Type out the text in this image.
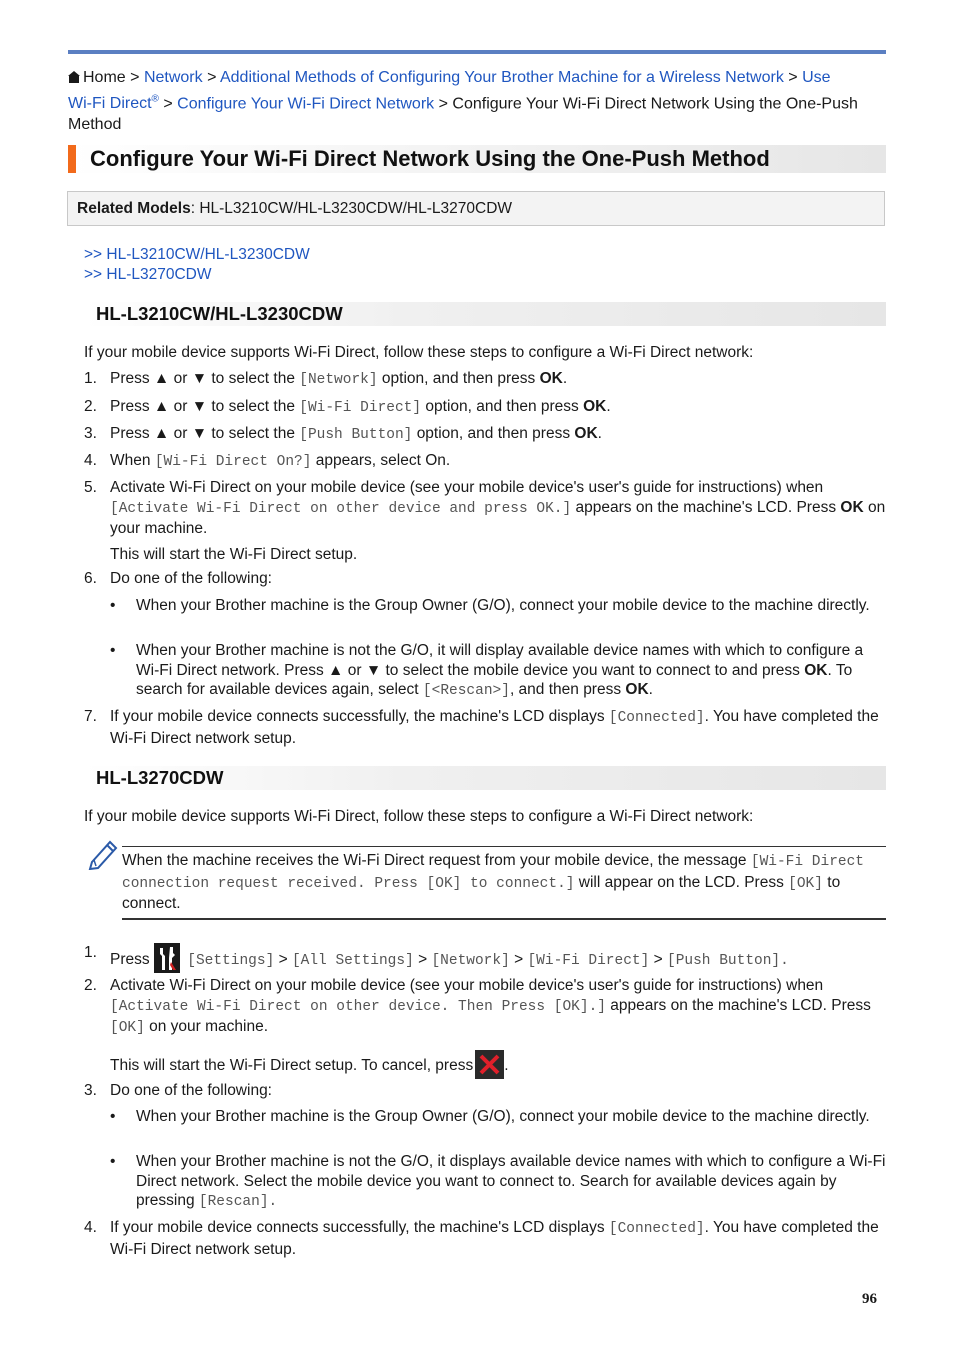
Home > Network > Additional Methods of Configuring Your Brother Machine for a Wireless Network > Use
Wi-Fi Direct® > Configure Your Wi-Fi Direct Network > Configure Your Wi-Fi Direct Network Using the One-Push Method
Configure Your Wi-Fi Direct Network Using the One-Push Method
Related Models: HL-L3210CW/HL-L3230CDW/HL-L3270CDW
>> HL-L3210CW/HL-L3230CDW
>> HL-L3270CDW
HL-L3210CW/HL-L3230CDW
If your mobile device supports Wi-Fi Direct, follow these steps to configure a Wi-Fi Direct network:
1. Press ▲ or ▼ to select the [Network] option, and then press OK.
2. Press ▲ or ▼ to select the [Wi-Fi Direct] option, and then press OK.
3. Press ▲ or ▼ to select the [Push Button] option, and then press OK.
4. When [Wi-Fi Direct On?] appears, select On.
5. Activate Wi-Fi Direct on your mobile device (see your mobile device's user's guide for instructions) when [Activate Wi-Fi Direct on other device and press OK.] appears on the machine's LCD. Press OK on your machine.
This will start the Wi-Fi Direct setup.
6. Do one of the following:
• When your Brother machine is the Group Owner (G/O), connect your mobile device to the machine directly.
• When your Brother machine is not the G/O, it will display available device names with which to configure a Wi-Fi Direct network. Press ▲ or ▼ to select the mobile device you want to connect to and press OK. To search for available devices again, select [<Rescan>], and then press OK.
7. If your mobile device connects successfully, the machine's LCD displays [Connected]. You have completed the Wi-Fi Direct network setup.
HL-L3270CDW
If your mobile device supports Wi-Fi Direct, follow these steps to configure a Wi-Fi Direct network:
When the machine receives the Wi-Fi Direct request from your mobile device, the message [Wi-Fi Direct connection request received. Press [OK] to connect.] will appear on the LCD. Press [OK] to connect.
1. Press	[Settings] > [All Settings] > [Network] > [Wi-Fi Direct] > [Push Button].
2. Activate Wi-Fi Direct on your mobile device (see your mobile device's user's guide for instructions) when [Activate Wi-Fi Direct on other device. Then Press [OK].] appears on the machine's LCD. Press [OK] on your machine.
This will start the Wi-Fi Direct setup. To cancel, press .
3. Do one of the following:
• When your Brother machine is the Group Owner (G/O), connect your mobile device to the machine directly.
• When your Brother machine is not the G/O, it displays available device names with which to configure a Wi-Fi Direct network. Select the mobile device you want to connect to. Search for available devices again by pressing [Rescan].
4. If your mobile device connects successfully, the machine's LCD displays [Connected]. You have completed the Wi-Fi Direct network setup.
96
